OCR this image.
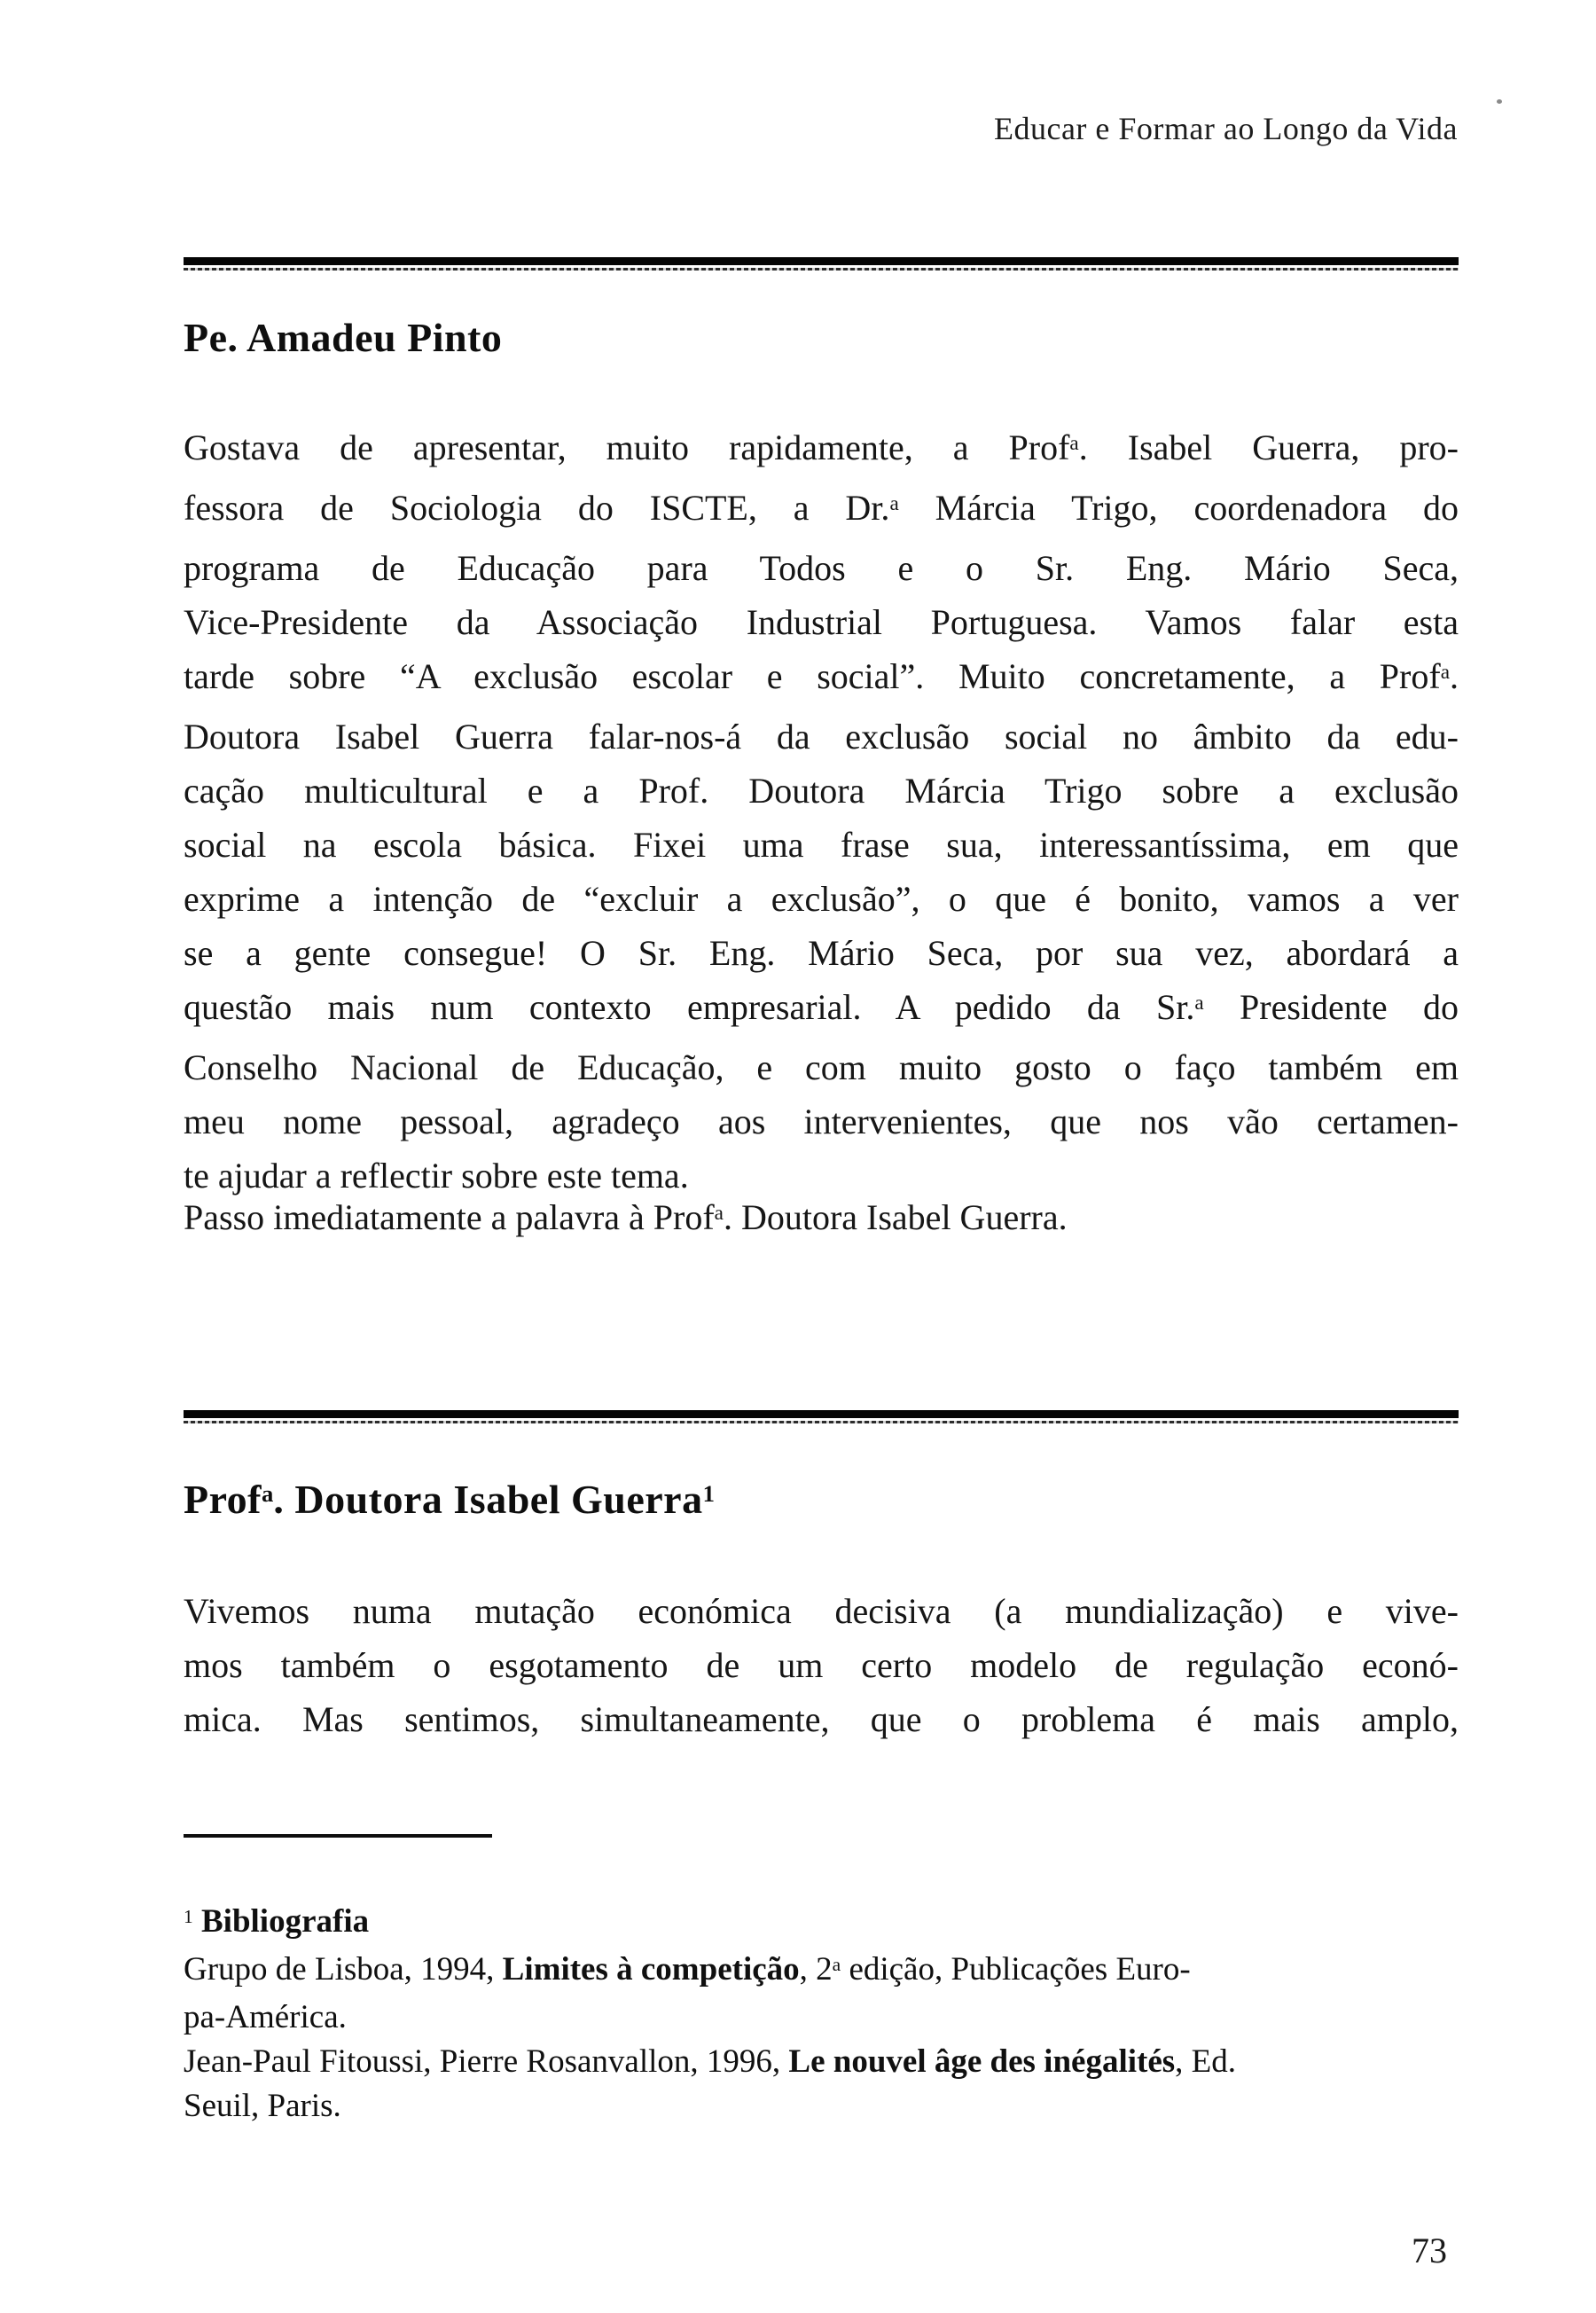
Educar e Formar ao Longo da Vida
Pe. Amadeu Pinto
Gostava de apresentar, muito rapidamente, a Prof$^a$. Isabel Guerra, pro-
fessora de Sociologia do ISCTE, a Dr.$^a$ Márcia Trigo, coordenadora do
programa de Educação para Todos e o Sr. Eng. Mário Seca,
Vice-Presidente da Associação Industrial Portuguesa. Vamos falar esta
tarde sobre “A exclusão escolar e social”. Muito concretamente, a Prof$^a$.
Doutora Isabel Guerra falar-nos-á da exclusão social no âmbito da edu-
cação multicultural e a Prof. Doutora Márcia Trigo sobre a exclusão
social na escola básica. Fixei uma frase sua, interessantíssima, em que
exprime a intenção de “excluir a exclusão”, o que é bonito, vamos a ver
se a gente consegue! O Sr. Eng. Mário Seca, por sua vez, abordará a
questão mais num contexto empresarial. A pedido da Sr.$^a$ Presidente do
Conselho Nacional de Educação, e com muito gosto o faço também em
meu nome pessoal, agradeço aos intervenientes, que nos vão certamen-
te ajudar a reflectir sobre este tema.
Passo imediatamente a palavra à Prof$^a$. Doutora Isabel Guerra.
Prof$^a$. Doutora Isabel Guerra$^1$
Vivemos numa mutação económica decisiva (a mundialização) e vive-
mos também o esgotamento de um certo modelo de regulação econó-
mica. Mas sentimos, simultaneamente, que o problema é mais amplo,
$^1$ Bibliografia
Grupo de Lisboa, 1994, Limites à competição, 2$^a$ edição, Publicações Euro-
pa-América.
Jean-Paul Fitoussi, Pierre Rosanvallon, 1996, Le nouvel âge des inégalités, Ed.
Seuil, Paris.
73
